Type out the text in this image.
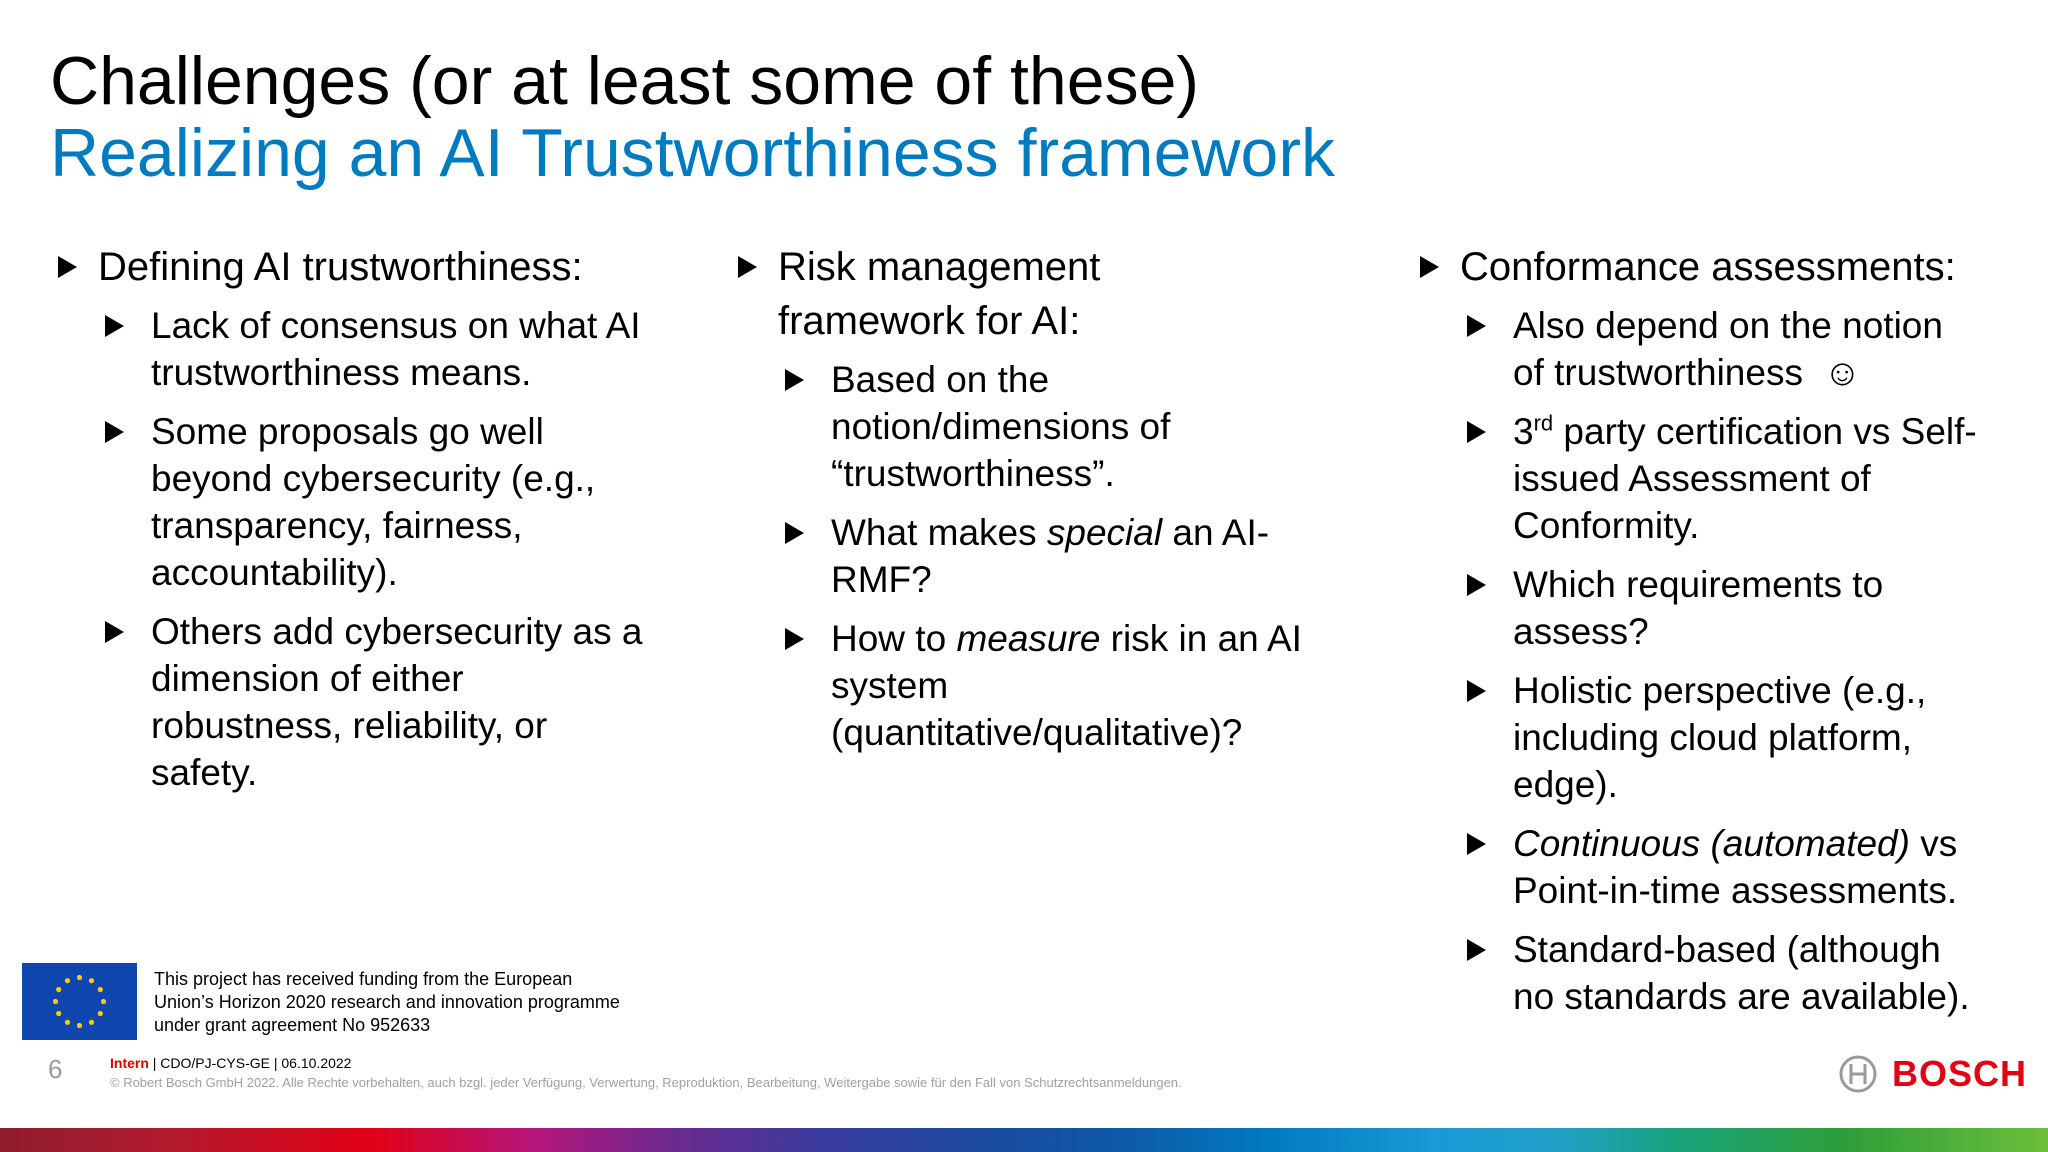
Challenges (or at least some of these)
Realizing an AI Trustworthiness framework
Defining AI trustworthiness:
Lack of consensus on what AI trustworthiness means.
Some proposals go well beyond cybersecurity (e.g., transparency, fairness, accountability).
Others add cybersecurity as a dimension of either robustness, reliability, or safety.
Risk management framework for AI:
Based on the notion/dimensions of “trustworthiness”.
What makes special an AI-RMF?
How to measure risk in an AI system (quantitative/qualitative)?
Conformance assessments:
Also depend on the notion of trustworthiness ☺
3rd party certification vs Self-issued Assessment of Conformity.
Which requirements to assess?
Holistic perspective (e.g., including cloud platform, edge).
Continuous (automated) vs Point-in-time assessments.
Standard-based (although no standards are available).
This project has received funding from the European Union’s Horizon 2020 research and innovation programme under grant agreement No 952633
6	Intern | CDO/PJ-CYS-GE | 06.10.2022
© Robert Bosch GmbH 2022. Alle Rechte vorbehalten, auch bzgl. jeder Verfügung, Verwertung, Reproduktion, Bearbeitung, Weitergabe sowie für den Fall von Schutzrechtsanmeldungen.	BOSCH
